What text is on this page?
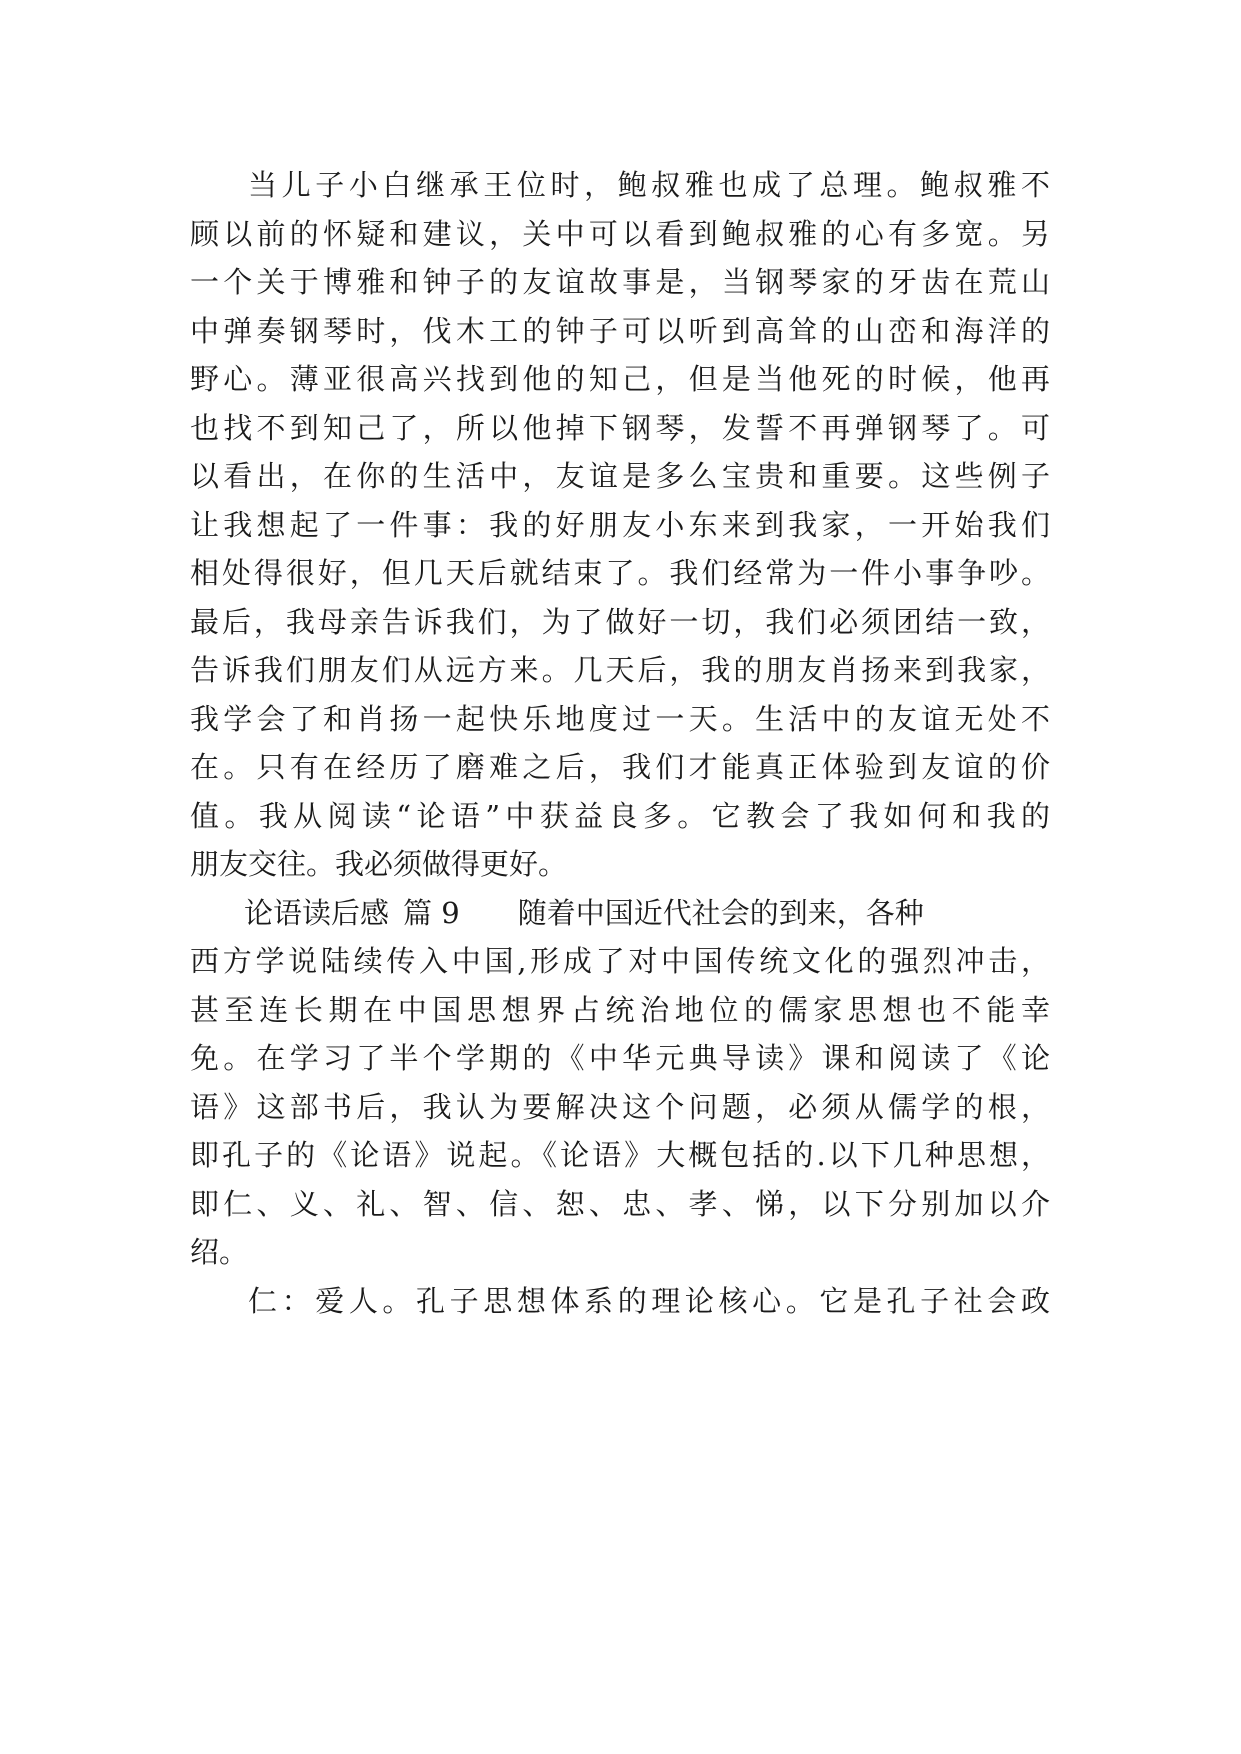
当儿子小白继承王位时，鲍叔雅也成了总理。鲍叔雅不
顾以前的怀疑和建议，关中可以看到鲍叔雅的心有多宽。另
一个关于博雅和钟子的友谊故事是，当钢琴家的牙齿在荒山
中弹奏钢琴时，伐木工的钟子可以听到高耸的山峦和海洋的
野心。薄亚很高兴找到他的知己，但是当他死的时候，他再
也找不到知己了，所以他掉下钢琴，发誓不再弹钢琴了。可
以看出，在你的生活中，友谊是多么宝贵和重要。这些例子
让我想起了一件事：我的好朋友小东来到我家，一开始我们
相处得很好，但几天后就结束了。我们经常为一件小事争吵。
最后，我母亲告诉我们，为了做好一切，我们必须团结一致，
告诉我们朋友们从远方来。几天后，我的朋友肖扬来到我家，
我学会了和肖扬一起快乐地度过一天。生活中的友谊无处不
在。只有在经历了磨难之后，我们才能真正体验到友谊的价
值。我从阅读“论语”中获益良多。它教会了我如何和我的
朋友交往。我必须做得更好。
论语读后感 篇 9 随着中国近代社会的到来，各种
西方学说陆续传入中国,形成了对中国传统文化的强烈冲击，
甚至连长期在中国思想界占统治地位的儒家思想也不能幸
免。在学习了半个学期的《中华元典导读》课和阅读了《论
语》这部书后，我认为要解决这个问题，必须从儒学的根，
即孔子的《论语》说起。《论语》大概包括的.以下几种思想，
即仁、义、礼、智、信、恕、忠、孝、悌，以下分别加以介
绍。
仁：爱人。孔子思想体系的理论核心。它是孔子社会政
